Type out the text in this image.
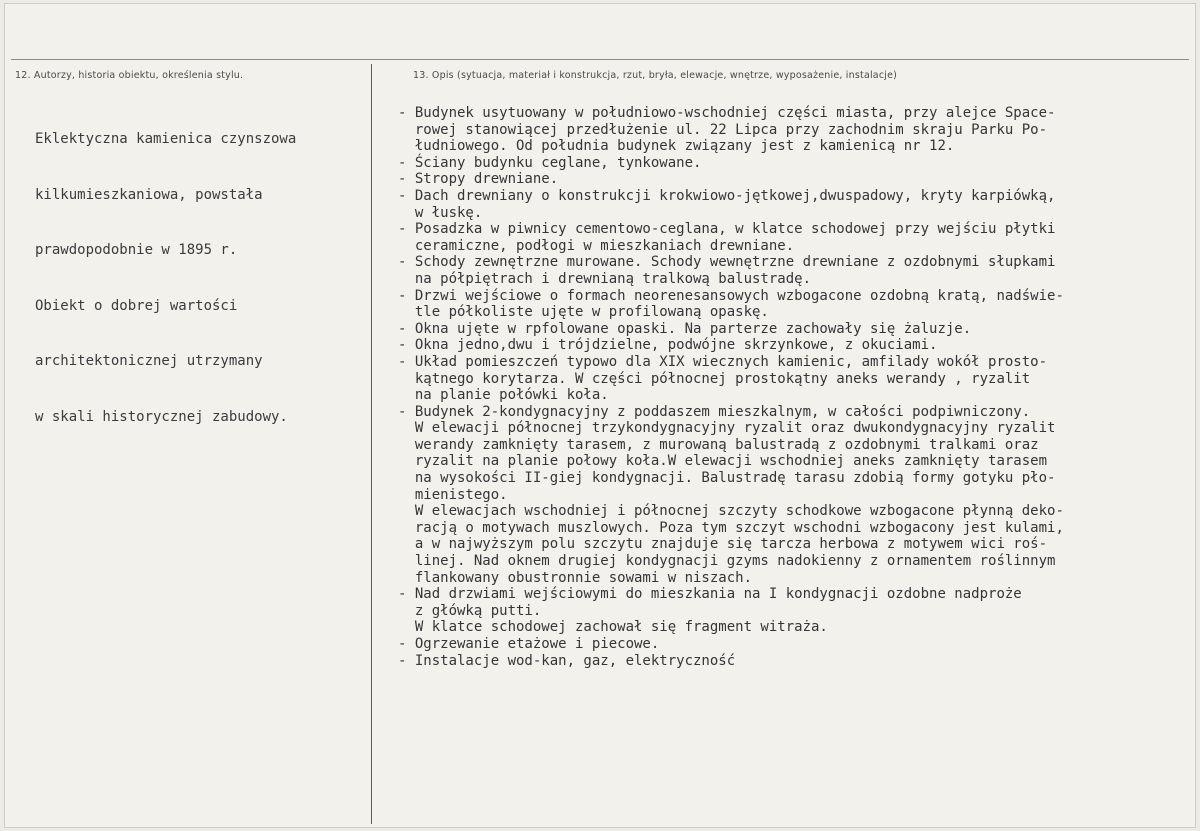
12. Autorzy, historia obiektu, określenia stylu.	13. Opis (sytuacja, materiał i konstrukcja, rzut, bryła, elewacje, wnętrze, wyposażenie, instalacje)

Eklektyczna kamienica czynszowa

kilkumieszkaniowa, powstała

prawdopodobnie w 1895 r.

Obiekt o dobrej wartości

architektonicznej utrzymany

w skali historycznej zabudowy.

- Budynek usytuowany w południowo-wschodniej części miasta, przy alejce Space-
rowej stanowiącej przedłużenie ul. 22 Lipca przy zachodnim skraju Parku Po-
łudniowego. Od południa budynek związany jest z kamienicą nr 12.
- Ściany budynku ceglane, tynkowane.
- Stropy drewniane.
- Dach drewniany o konstrukcji krokwiowo-jętkowej,dwuspadowy, kryty karpiówką,
w łuskę.
- Posadzka w piwnicy cementowo-ceglana, w klatce schodowej przy wejściu płytki
ceramiczne, podłogi w mieszkaniach drewniane.
- Schody zewnętrzne murowane. Schody wewnętrzne drewniane z ozdobnymi słupkami
na półpiętrach i drewnianą tralkową balustradę.
- Drzwi wejściowe o formach neorenesansowych wzbogacone ozdobną kratą, nadświe-
tle półkoliste ujęte w profilowaną opaskę.
- Okna ujęte w rpfolowane opaski. Na parterze zachowały się żaluzje.
- Okna jedno,dwu i trójdzielne, podwójne skrzynkowe, z okuciami.
- Układ pomieszczeń typowo dla XIX wiecznych kamienic, amfilady wokół prosto-
kątnego korytarza. W części północnej prostokątny aneks werandy , ryzalit
na planie połówki koła.
- Budynek 2-kondygnacyjny z poddaszem mieszkalnym, w całości podpiwniczony.
W elewacji północnej trzykondygnacyjny ryzalit oraz dwukondygnacyjny ryzalit
werandy zamknięty tarasem, z murowaną balustradą z ozdobnymi tralkami oraz
ryzalit na planie połowy koła.W elewacji wschodniej aneks zamknięty tarasem
na wysokości II-giej kondygnacji. Balustradę tarasu zdobią formy gotyku pło-
mienistego.
W elewacjach wschodniej i północnej szczyty schodkowe wzbogacone płynną deko-
racją o motywach muszlowych. Poza tym szczyt wschodni wzbogacony jest kulami,
a w najwyższym polu szczytu znajduje się tarcza herbowa z motywem wici roś-
linej. Nad oknem drugiej kondygnacji gzyms nadokienny z ornamentem roślinnym
flankowany obustronnie sowami w niszach.
- Nad drzwiami wejściowymi do mieszkania na I kondygnacji ozdobne nadproże
z główką putti.
W klatce schodowej zachował się fragment witraża.
- Ogrzewanie etażowe i piecowe.
- Instalacje wod-kan, gaz, elektryczność
